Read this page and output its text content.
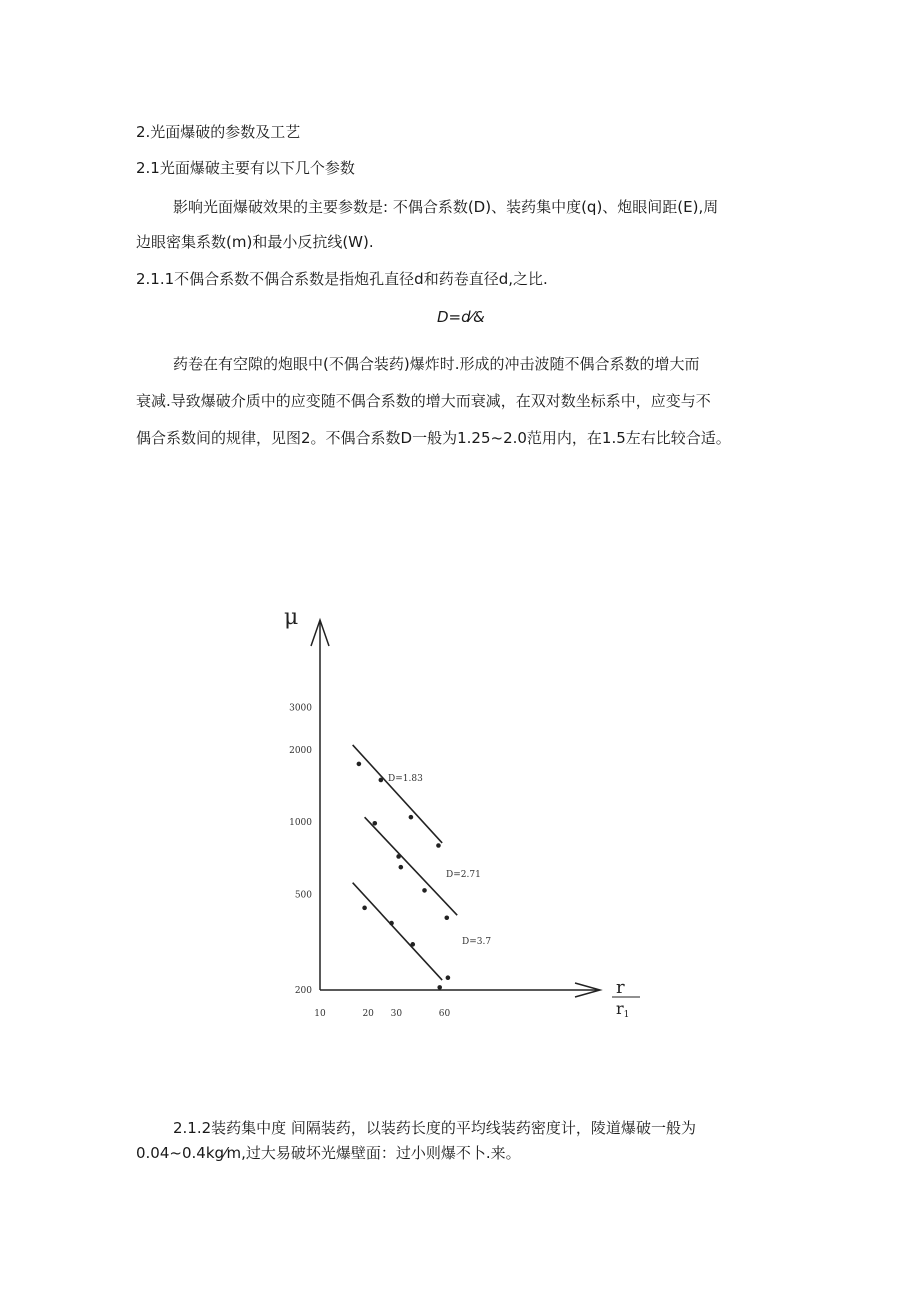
2.光面爆破的参数及工艺
2.1光面爆破主要有以下几个参数
影响光面爆破效果的主要参数是: 不偶合系数(D)、装药集中度(q)、炮眼间距(E),周
边眼密集系数(m)和最小反抗线(W).
2.1.1不偶合系数不偶合系数是指炮孔直径d和药卷直径d,之比.
D=d⁄&
药卷在有空隙的炮眼中(不偶合装药)爆炸时.形成的冲击波随不偶合系数的增大而
衰减.导致爆破介质中的应变随不偶合系数的增大而衰减，在双对数坐标系中，应变与不
偶合系数间的规律，见图2。不偶合系数D一般为1.25~2.0范用内，在1.5左右比较合适。
2.1.2装药集中度 间隔装药，以装药长度的平均线装药密度计，陵道爆破一般为
0.04~0.4kg⁄m,过大易破坏光爆壁面：过小则爆不卜.来。
μ
r
r1
3000
2000
1000
500
200
10	20 30	60
D=1.83
D=2.71
D=3.7
